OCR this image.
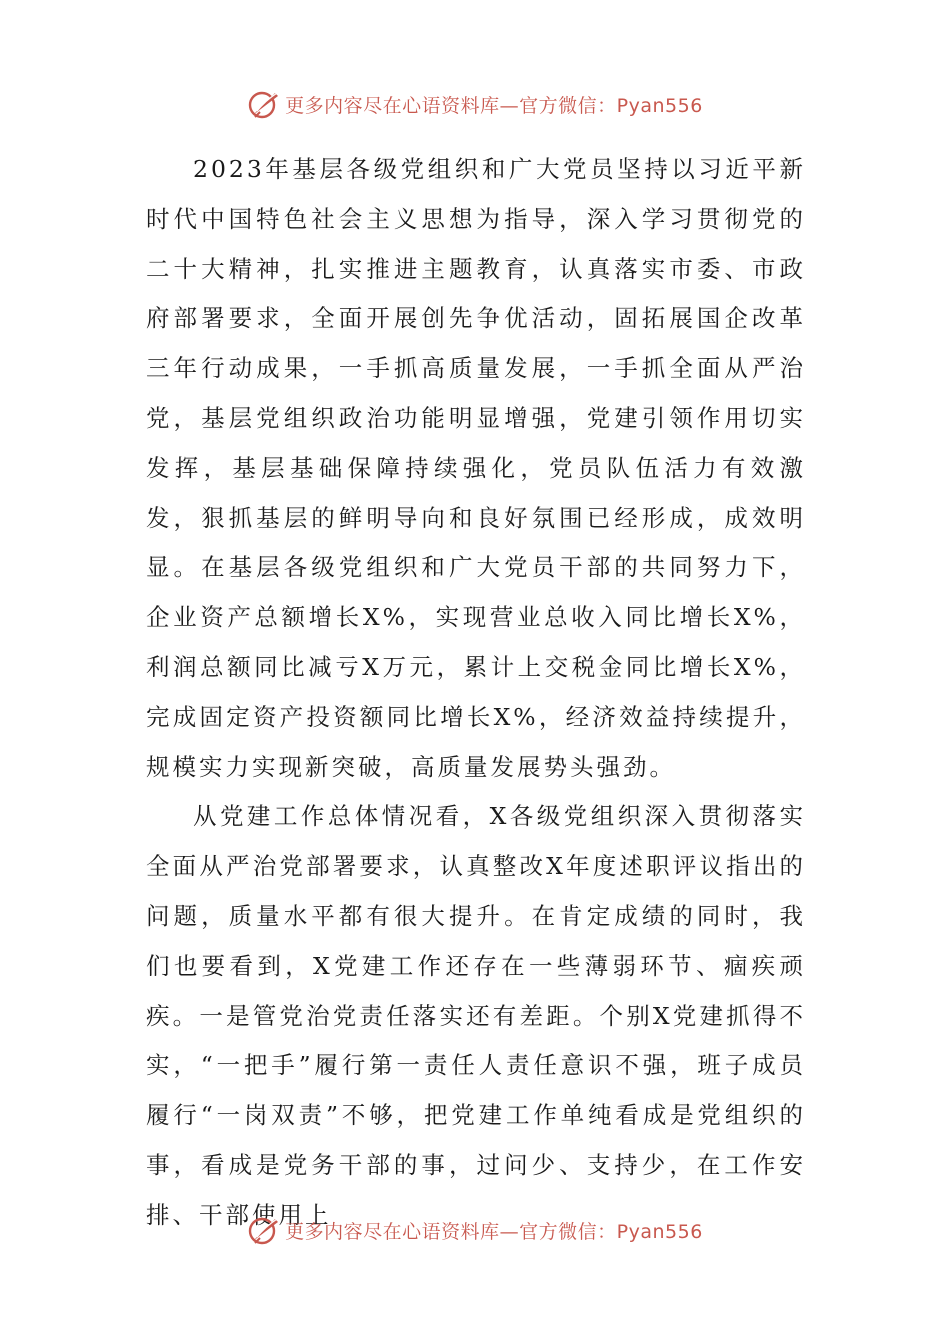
更多内容尽在心语资料库—官方微信：Pyan556

2023年基层各级党组织和广大党员坚持以习近平新时代中国特色社会主义思想为指导，深入学习贯彻党的二十大精神，扎实推进主题教育，认真落实市委、市政府部署要求，全面开展创先争优活动，固拓展国企改革三年行动成果，一手抓高质量发展，一手抓全面从严治党，基层党组织政治功能明显增强，党建引领作用切实发挥，基层基础保障持续强化，党员队伍活力有效激发，狠抓基层的鲜明导向和良好氛围已经形成，成效明显。在基层各级党组织和广大党员干部的共同努力下，企业资产总额增长X%，实现营业总收入同比增长X%，利润总额同比减亏X万元，累计上交税金同比增长X%，完成固定资产投资额同比增长X%，经济效益持续提升，规模实力实现新突破，高质量发展势头强劲。

从党建工作总体情况看，X各级党组织深入贯彻落实全面从严治党部署要求，认真整改X年度述职评议指出的问题，质量水平都有很大提升。在肯定成绩的同时，我们也要看到，X党建工作还存在一些薄弱环节、痼疾顽疾。一是管党治党责任落实还有差距。个别X党建抓得不实，“一把手”履行第一责任人责任意识不强，班子成员履行“一岗双责”不够，把党建工作单纯看成是党组织的事，看成是党务干部的事，过问少、支持少，在工作安排、干部使用上

更多内容尽在心语资料库—官方微信：Pyan556
